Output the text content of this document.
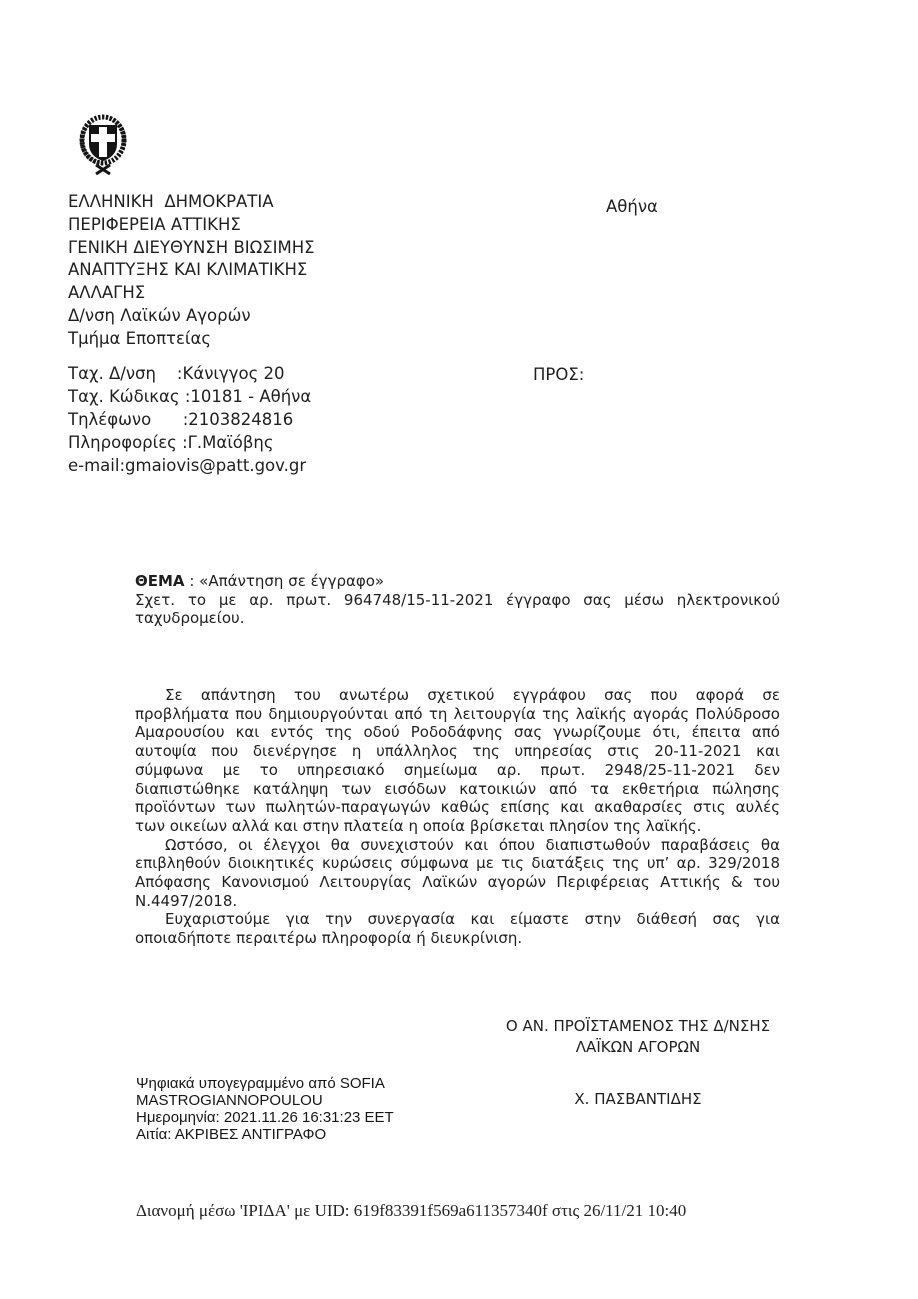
ΕΛΛΗΝΙΚΗ  ΔΗΜΟΚΡΑΤΙΑ
ΠΕΡΙΦΕΡΕΙΑ ΑΤΤΙΚΗΣ
ΓΕΝΙΚΗ ΔΙΕΥΘΥΝΣΗ ΒΙΩΣΙΜΗΣ
ΑΝΑΠΤΥΞΗΣ ΚΑΙ ΚΛΙΜΑΤΙΚΗΣ
ΑΛΛΑΓΗΣ
Δ/νση Λαϊκών Αγορών
Τμήμα Εποπτείας
Αθήνα
Ταχ. Δ/νση    :Κάνιγγος 20
Ταχ. Κώδικας :10181 - Αθήνα
Τηλέφωνο      :2103824816
Πληροφορίες :Γ.Μαϊόβης
e-mail:gmaiovis@patt.gov.gr
ΠΡΟΣ:
ΘΕΜΑ : «Απάντηση σε έγγραφο»
Σχετ. το με αρ. πρωτ. 964748/15-11-2021 έγγραφο σας μέσω ηλεκτρονικού
ταχυδρομείου.
Σε απάντηση του ανωτέρω σχετικού εγγράφου σας που αφορά σε
προβλήματα που δημιουργούνται από τη λειτουργία της λαϊκής αγοράς Πολύδροσο
Αμαρουσίου και εντός της οδού Ροδοδάφνης σας γνωρίζουμε ότι, έπειτα από
αυτοψία που διενέργησε η υπάλληλος της υπηρεσίας στις 20-11-2021 και
σύμφωνα με το υπηρεσιακό σημείωμα αρ. πρωτ. 2948/25-11-2021 δεν
διαπιστώθηκε κατάληψη των εισόδων κατοικιών από τα εκθετήρια πώλησης
προϊόντων των πωλητών-παραγωγών καθώς επίσης και ακαθαρσίες στις αυλές
των οικείων αλλά και στην πλατεία η οποία βρίσκεται πλησίον της λαϊκής.
Ωστόσο, οι έλεγχοι θα συνεχιστούν και όπου διαπιστωθούν παραβάσεις θα
επιβληθούν διοικητικές κυρώσεις σύμφωνα με τις διατάξεις της υπ’ αρ. 329/2018
Απόφασης Κανονισμού Λειτουργίας Λαϊκών αγορών Περιφέρειας Αττικής & του
Ν.4497/2018.
Ευχαριστούμε για την συνεργασία και είμαστε στην διάθεσή σας για
οποιαδήποτε περαιτέρω πληροφορία ή διευκρίνιση.
Ο ΑΝ. ΠΡΟΪΣΤΑΜΕΝΟΣ ΤΗΣ Δ/ΝΣΗΣ
ΛΑΪΚΩΝ ΑΓΟΡΩΝ
Χ. ΠΑΣΒΑΝΤΙΔΗΣ
Ψηφιακά υπογεγραμμένο από SOFIA
MASTROGIANNOPOULOU
Ημερομηνία: 2021.11.26 16:31:23 EET
Αιτία: ΑΚΡΙΒΕΣ ΑΝΤΙΓΡΑΦΟ
Διανομή μέσω 'ΙΡΙΔΑ' με UID: 619f83391f569a611357340f στις 26/11/21 10:40
